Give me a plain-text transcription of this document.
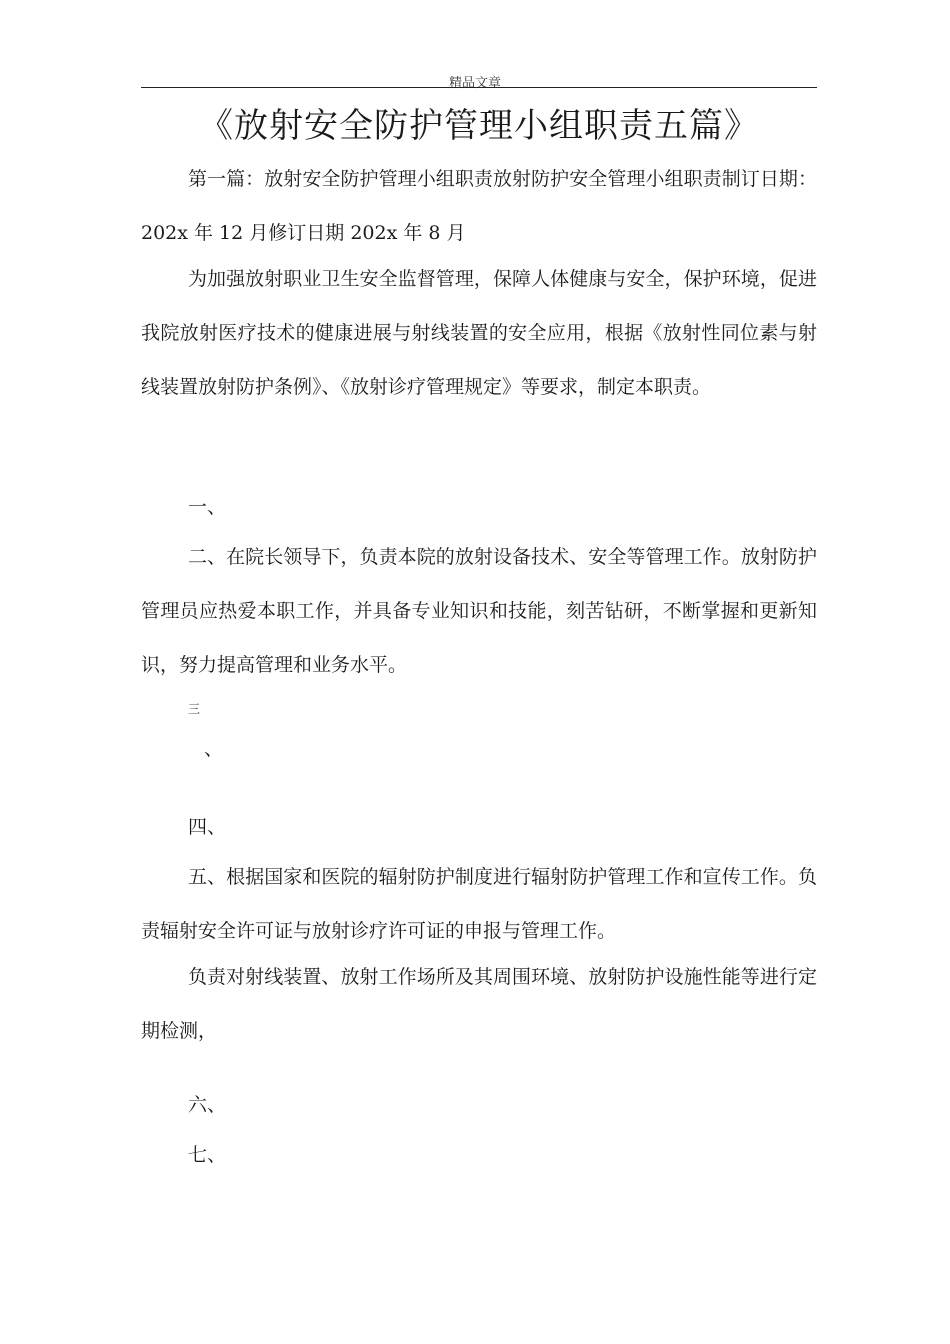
精品文章
《放射安全防护管理小组职责五篇》

第一篇：放射安全防护管理小组职责放射防护安全管理小组职责制订日期：202x 年 12 月修订日期 202x 年 8 月

为加强放射职业卫生安全监督管理，保障人体健康与安全，保护环境，促进我院放射医疗技术的健康进展与射线装置的安全应用，根据《放射性同位素与射线装置放射防护条例》、《放射诊疗管理规定》等要求，制定本职责。

一、

二、在院长领导下，负责本院的放射设备技术、安全等管理工作。放射防护管理员应热爱本职工作，并具备专业知识和技能，刻苦钻研，不断掌握和更新知识，努力提高管理和业务水平。

三
、
四、

五、根据国家和医院的辐射防护制度进行辐射防护管理工作和宣传工作。负责辐射安全许可证与放射诊疗许可证的申报与管理工作。

负责对射线装置、放射工作场所及其周围环境、放射防护设施性能等进行定期检测，

六、
七、
